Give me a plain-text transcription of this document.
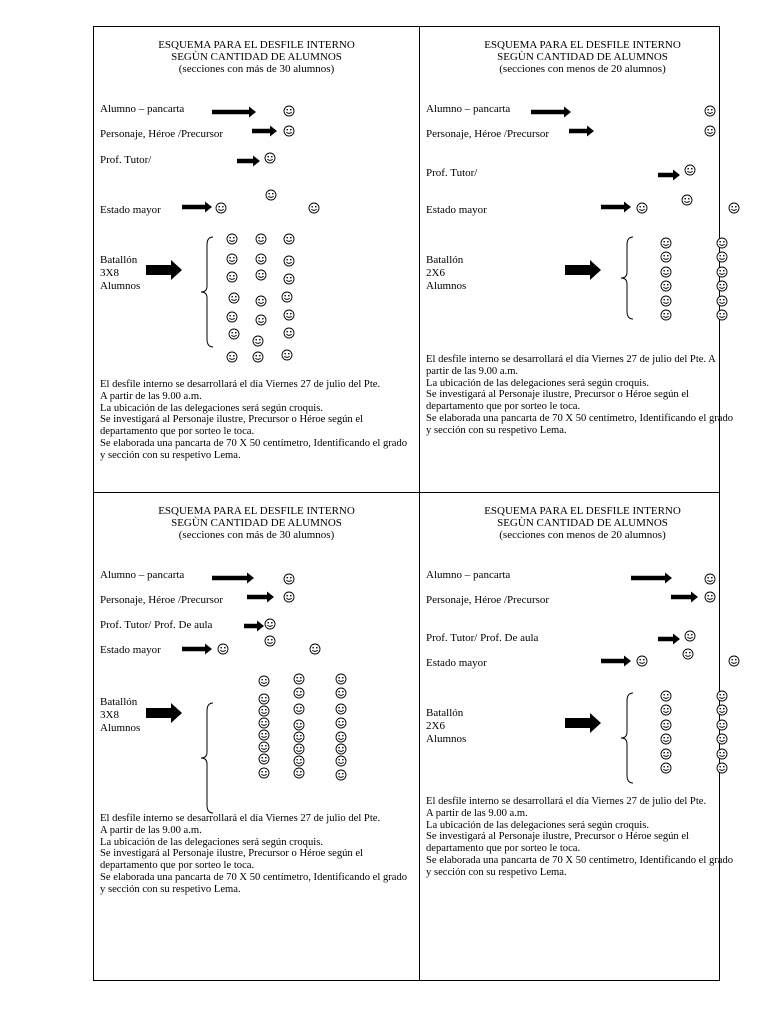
ESQUEMA PARA EL DESFILE INTERNO
SEGÙN CANTIDAD DE ALUMNOS
(secciones con más de 30 alumnos)
Alumno – pancarta
Personaje, Héroe /Precursor
Prof. Tutor/
Estado mayor
Batallón
3X8
Alumnos

El desfile interno se desarrollará el día Viernes 27 de julio del Pte.

A partir de las 9.00 a.m.

La ubicación de las delegaciones será según croquis.

Se investigará al Personaje ilustre, Precursor o Héroe según el departamento que por sorteo le toca.

Se elaborada una pancarta de 70 X 50 centímetro, Identificando el grado y sección con su respetivo Lema.

ESQUEMA PARA EL DESFILE INTERNO
SEGÙN CANTIDAD DE ALUMNOS
(secciones con menos de 20 alumnos)
Alumno – pancarta
Personaje, Héroe /Precursor
Prof. Tutor/
Estado mayor
Batallón
2X6
Alumnos

El desfile interno se desarrollará el día Viernes 27 de julio del Pte. A partir de las 9.00 a.m.

La ubicación de las delegaciones será según croquis.

Se investigará al Personaje ilustre, Precursor o Héroe según el departamento que por sorteo le toca.

Se elaborada una pancarta de 70 X 50 centímetro, Identificando el grado y sección con su respetivo Lema.

ESQUEMA PARA EL DESFILE INTERNO
SEGÙN CANTIDAD DE ALUMNOS
(secciones con más de 30 alumnos)
Alumno – pancarta
Personaje, Héroe /Precursor
Prof. Tutor/ Prof. De aula
Estado mayor
Batallón
3X8
Alumnos

El desfile interno se desarrollará el día Viernes 27 de julio del Pte.

A partir de las 9.00 a.m.

La ubicación de las delegaciones será según croquis.

Se investigará al Personaje ilustre, Precursor o Héroe según el departamento que por sorteo le toca.

Se elaborada una pancarta de 70 X 50 centímetro, Identificando el grado y sección con su respetivo Lema.

ESQUEMA PARA EL DESFILE INTERNO
SEGÙN CANTIDAD DE ALUMNOS
(secciones con menos de 20 alumnos)
Alumno – pancarta
Personaje, Héroe /Precursor
Prof. Tutor/ Prof. De aula
Estado mayor
Batallón
2X6
Alumnos

El desfile interno se desarrollará el día Viernes 27 de julio del Pte.

A partir de las 9.00 a.m.

La ubicación de las delegaciones será según croquis.

Se investigará al Personaje ilustre, Precursor o Héroe según el departamento que por sorteo le toca.

Se elaborada una pancarta de 70 X 50 centímetro, Identificando el grado y sección con su respetivo Lema.
